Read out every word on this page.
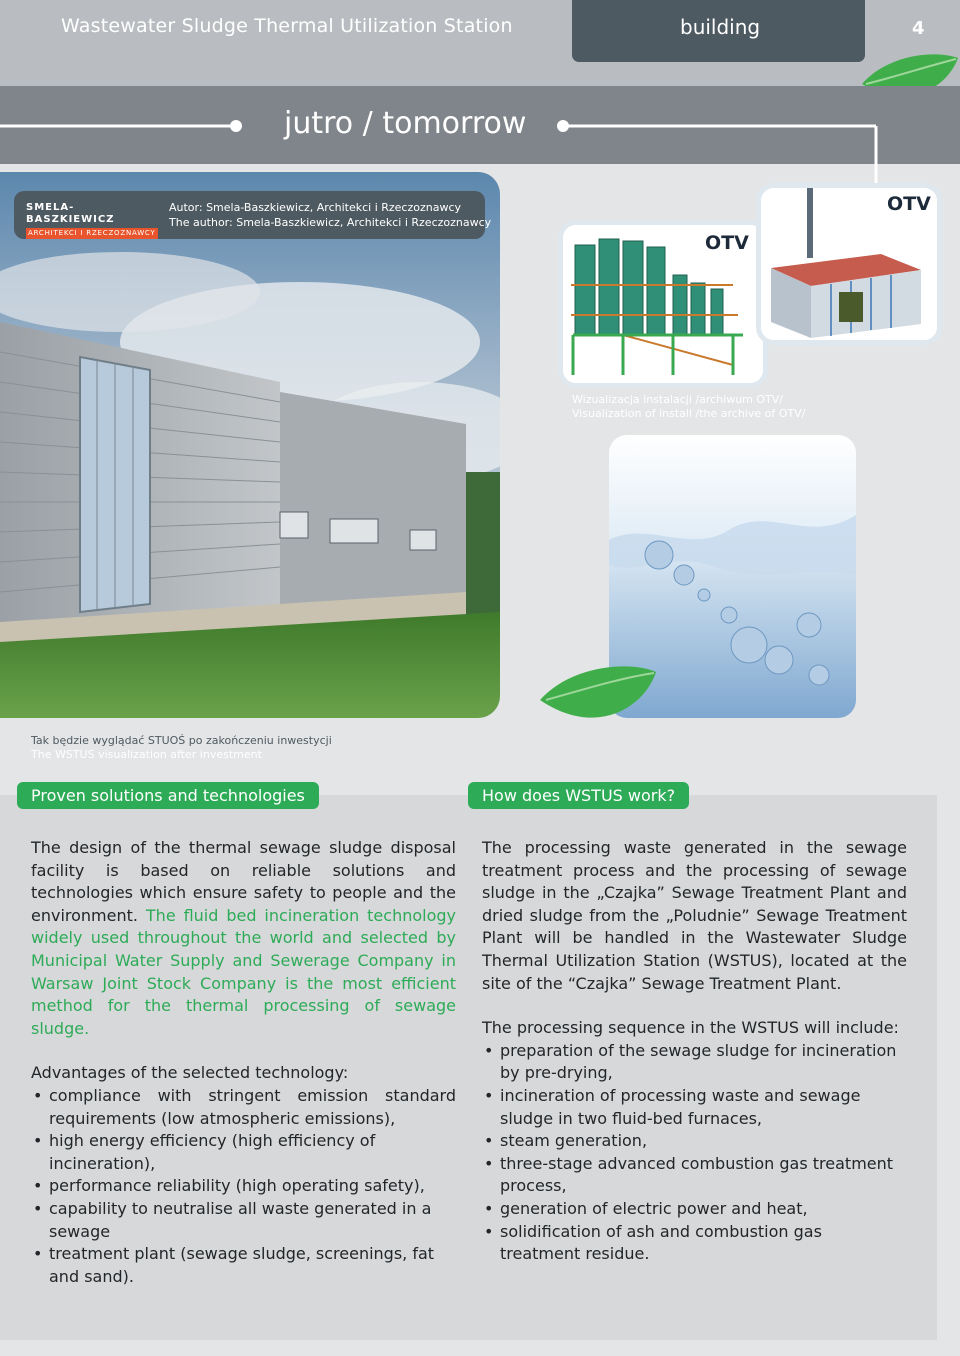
Wastewater Sludge Thermal Utilization Station	building	4
jutro / tomorrow
SMELA-BASZKIEWICZ
ARCHITEKCI I RZECZOZNAWCY
Autor: Smela-Baszkiewicz, Architekci i Rzeczoznawcy
The author: Smela-Baszkiewicz, Architekci i Rzeczoznawcy
OTV
OTV
Wizualizacja instalacji /archiwum OTV/
Visualization of install /the archive of OTV/
Tak będzie wyglądać STUOŚ po zakończeniu inwestycji
The WSTUS visualization after investment
Proven solutions and technologies	How does WSTUS work?

The design of the thermal sewage sludge disposal facility is based on reliable solutions and technologies which ensure safety to people and the environment. The fluid bed incineration technology widely used throughout the world and selected by Municipal Water Supply and Sewerage Company in Warsaw Joint Stock Company is the most efficient method for the thermal processing of sewage sludge.

Advantages of the selected technology:
• compliance with stringent emission standard requirements (low atmospheric emissions),
• high energy efficiency (high efficiency of incineration),
• performance reliability (high operating safety),
• capability to neutralise all waste generated in a sewage
• treatment plant (sewage sludge, screenings, fat and sand).

The processing waste generated in the sewage treatment process and the processing of sewage sludge in the „Czajka” Sewage Treatment Plant and dried sludge from the „Poludnie” Sewage Treatment Plant will be handled in the Wastewater Sludge Thermal Utilization Station (WSTUS), located at the site of the “Czajka” Sewage Treatment Plant.

The processing sequence in the WSTUS will include:
• preparation of the sewage sludge for incineration by pre-drying,
• incineration of processing waste and sewage sludge in two fluid-bed furnaces,
• steam generation,
• three-stage advanced combustion gas treatment process,
• generation of electric power and heat,
• solidification of ash and combustion gas treatment residue.
